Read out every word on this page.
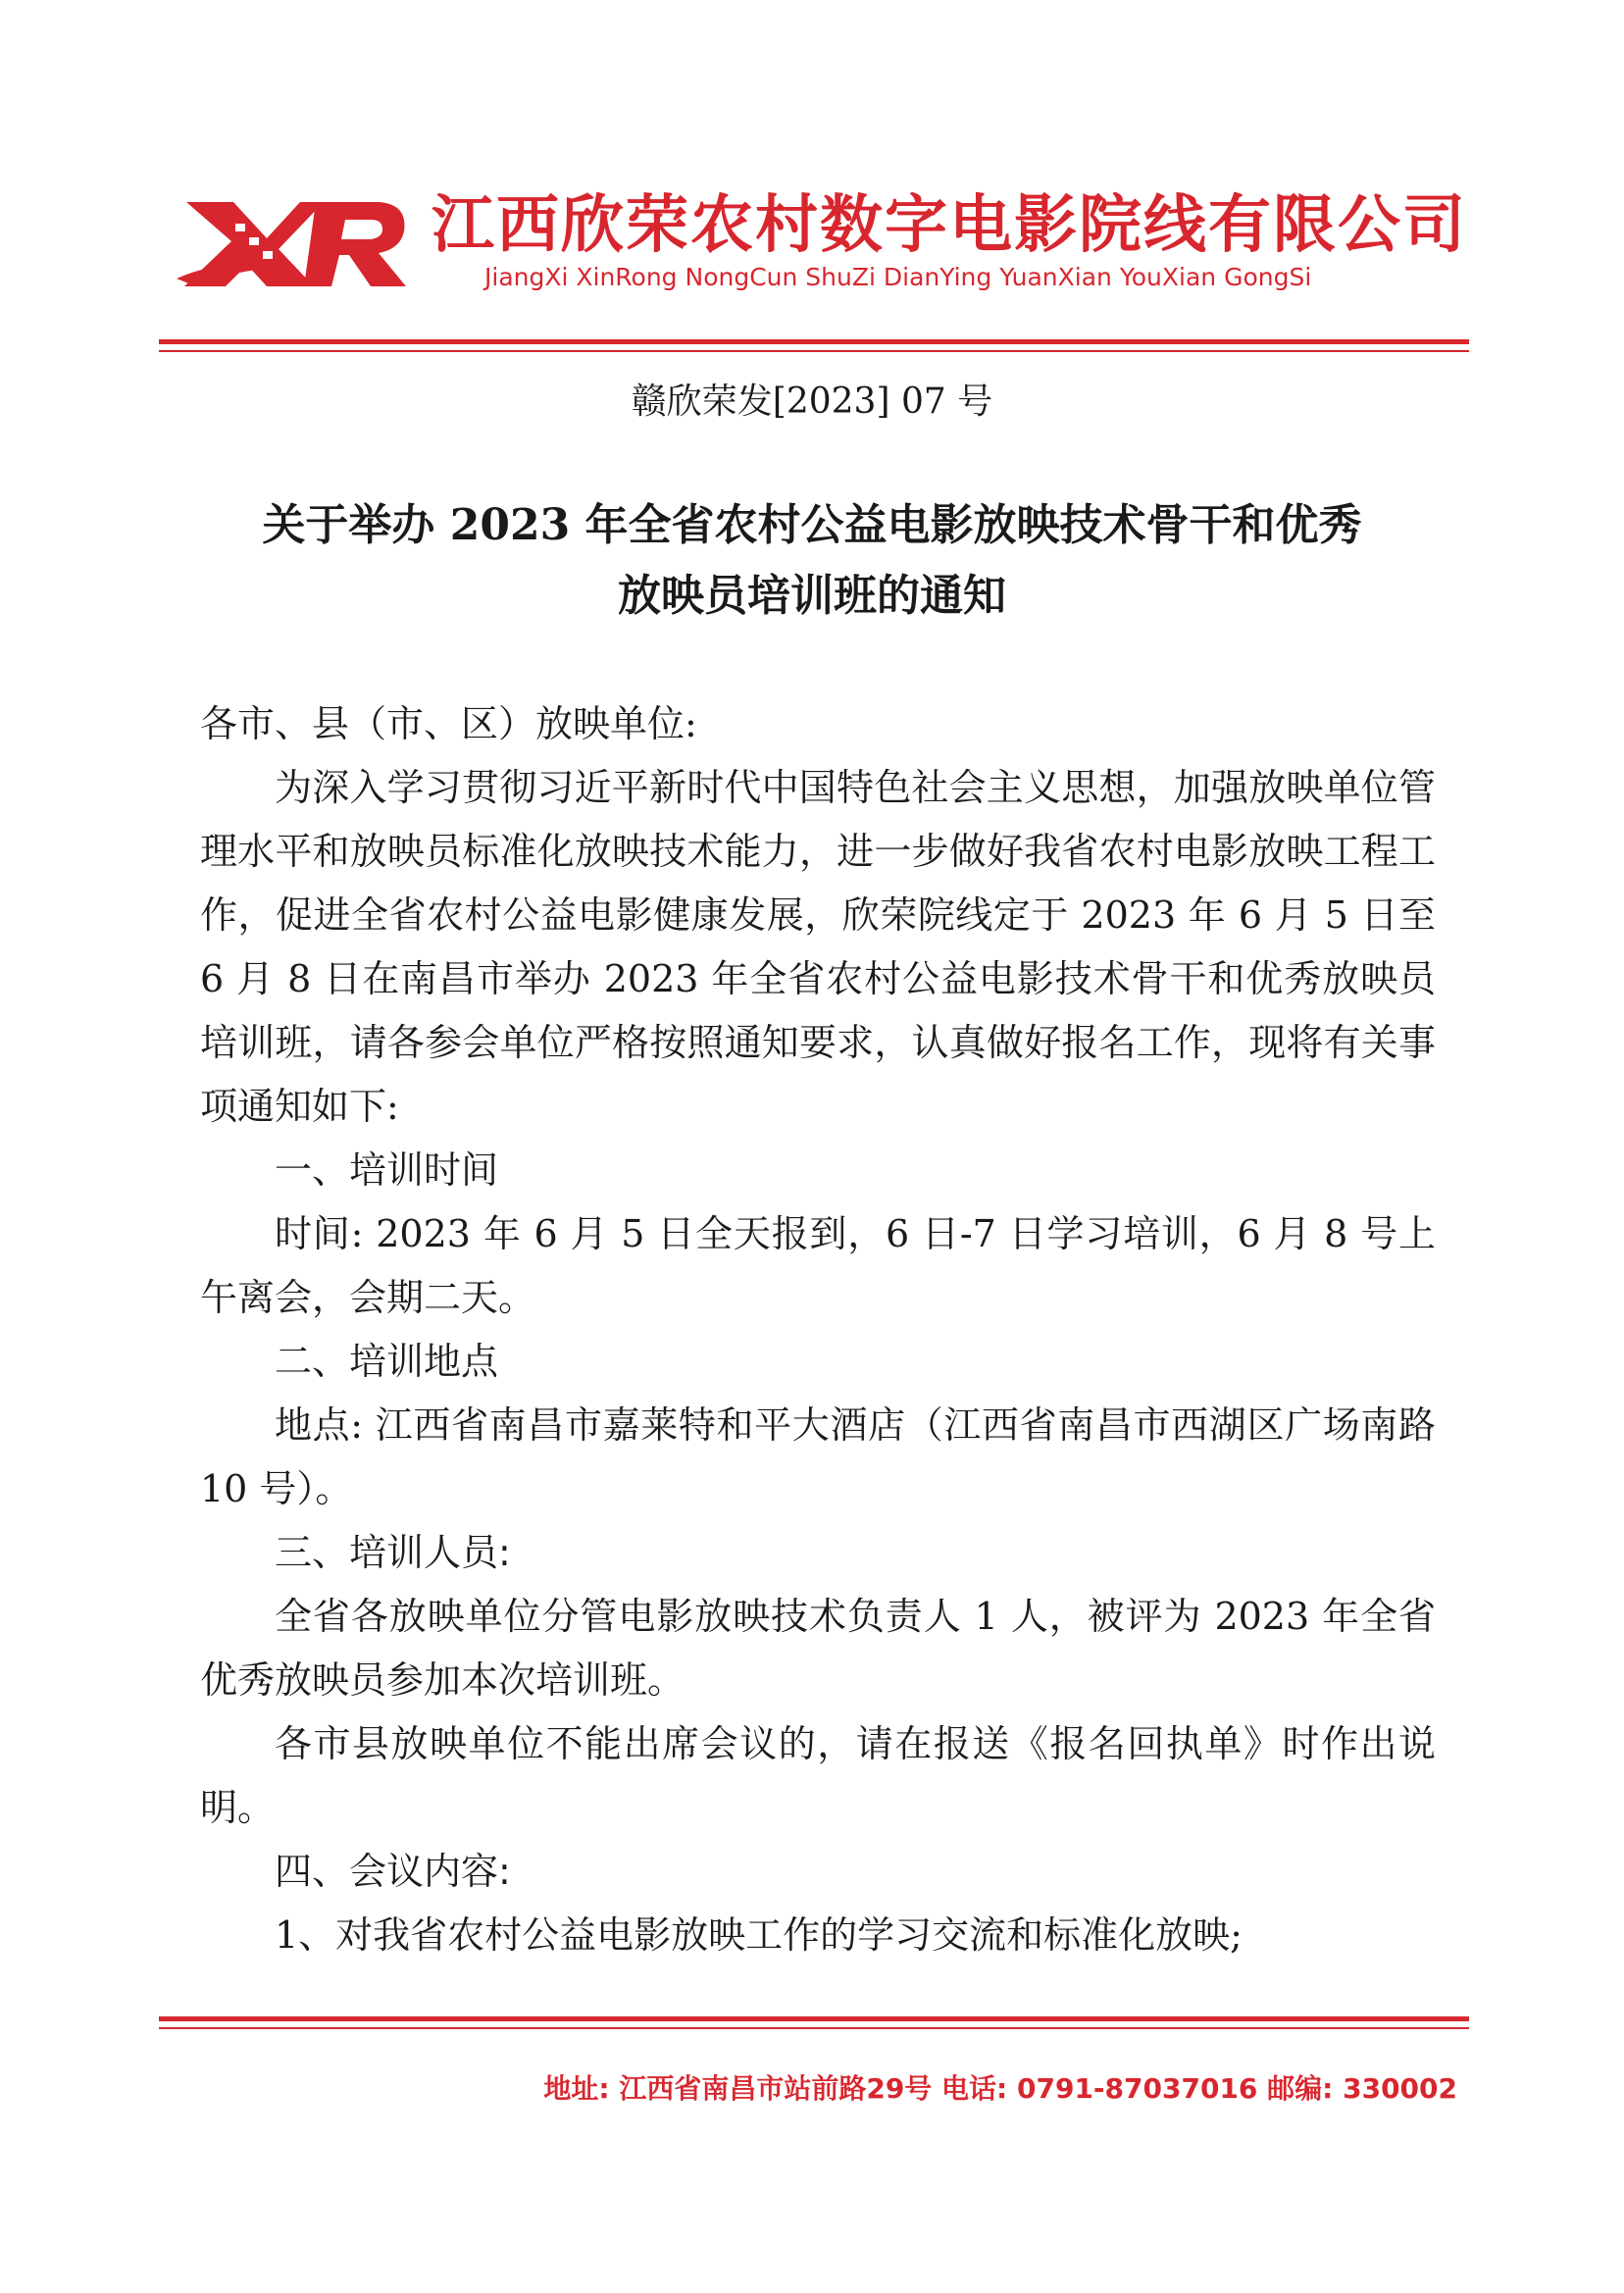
江西欣荣农村数字电影院线有限公司
JiangXi XinRong NongCun ShuZi DianYing YuanXian YouXian GongSi
赣欣荣发[2023] 07 号
关于举办 2023 年全省农村公益电影放映技术骨干和优秀
放映员培训班的通知

各市、县（市、区）放映单位:

为深入学习贯彻习近平新时代中国特色社会主义思想，加强放映单位管理水平和放映员标准化放映技术能力，进一步做好我省农村电影放映工程工作，促进全省农村公益电影健康发展，欣荣院线定于 2023 年 6 月 5 日至 6 月 8 日在南昌市举办 2023 年全省农村公益电影技术骨干和优秀放映员培训班，请各参会单位严格按照通知要求，认真做好报名工作，现将有关事项通知如下:

一、培训时间

时间: 2023 年 6 月 5 日全天报到，6 日-7 日学习培训，6 月 8 号上午离会，会期二天。

二、培训地点

地点: 江西省南昌市嘉莱特和平大酒店（江西省南昌市西湖区广场南路 10 号）。

三、培训人员:

全省各放映单位分管电影放映技术负责人 1 人，被评为 2023 年全省优秀放映员参加本次培训班。

各市县放映单位不能出席会议的，请在报送《报名回执单》时作出说明。

四、会议内容:

1、对我省农村公益电影放映工作的学习交流和标准化放映;

地址: 江西省南昌市站前路29号 电话: 0791-87037016 邮编: 330002
